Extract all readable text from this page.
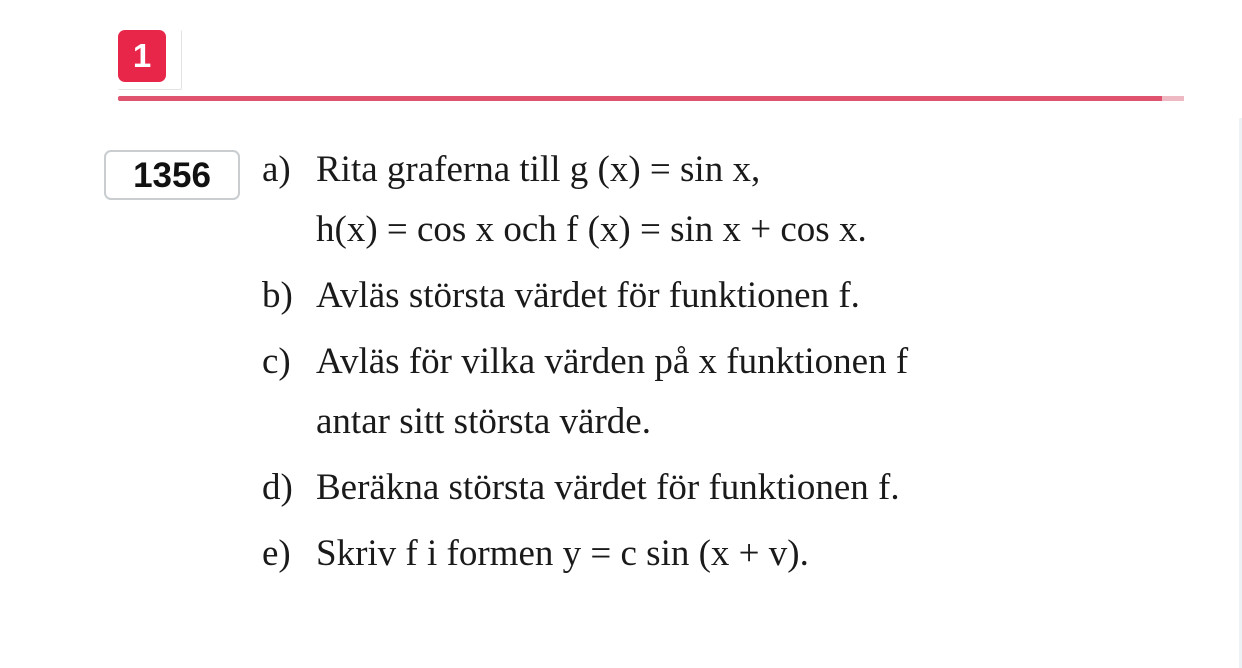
1
1356	a) Rita graferna till g (x) = sin x,
h(x) = cos x och f (x) = sin x + cos x.
b) Avläs största värdet för funktionen f.
c) Avläs för vilka värden på x funktionen f
antar sitt största värde.
d) Beräkna största värdet för funktionen f.
e) Skriv f i formen y = c sin (x + v).
